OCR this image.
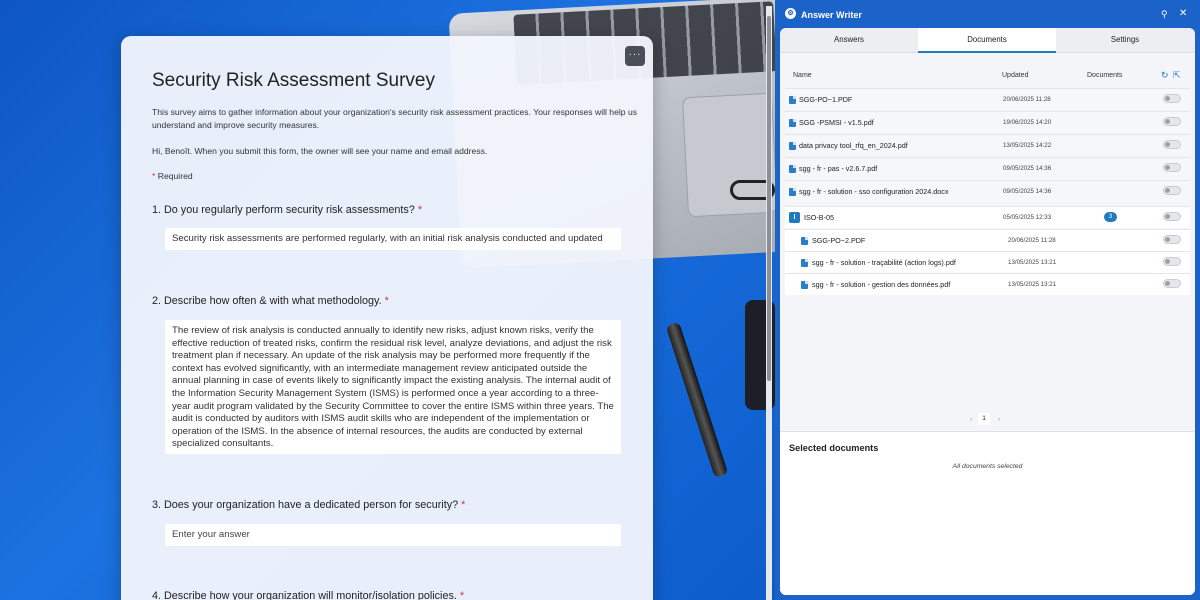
···
Security Risk Assessment Survey

This survey aims to gather information about your organization's security risk assessment practices. Your responses will help us understand and improve security measures.

Hi, Benoît. When you submit this form, the owner will see your name and email address.

* Required

1. Do you regularly perform security risk assessments? *
Security risk assessments are performed regularly, with an initial risk analysis conducted and updated
2. Describe how often & with what methodology. *
The review of risk analysis is conducted annually to identify new risks, adjust known risks, verify the effective reduction of treated risks, confirm the residual risk level, analyze deviations, and adjust the risk treatment plan if necessary. An update of the risk analysis may be performed more frequently if the context has evolved significantly, with an intermediate management review anticipated outside the annual planning in case of events likely to significantly impact the existing analysis. The internal audit of the Information Security Management System (ISMS) is performed once a year according to a three-year audit program validated by the Security Committee to cover the entire ISMS within three years. The audit is conducted by auditors with ISMS audit skills who are independent of the implementation or operation of the ISMS. In the absence of internal resources, the audits are conducted by external specialized consultants.
3. Does your organization have a dedicated person for security? *
Enter your answer
4. Describe how your organization will monitor/isolation policies. *
⚙ Answer Writer	⚲ ✕
Answers	Documents	Settings
Name	Updated	Documents	↻ ⇱
SGG-PO~1.PDF	20/06/2025 11:28
SGG -PSMSI - v1.5.pdf	19/06/2025 14:20
data privacy tool_rfq_en_2024.pdf	13/05/2025 14:22
sgg - fr - pas - v2.6.7.pdf	09/05/2025 14:36
sgg - fr - solution - sso configuration 2024.docx	09/05/2025 14:36
I	ISO-B-05	05/05/2025 12:33	3
SGG-PO~2.PDF	20/06/2025 11:28
sgg - fr - solution - traçabilité (action logs).pdf	13/05/2025 13:21
sgg - fr - solution - gestion des données.pdf	13/05/2025 13:21
‹	1	›
Selected documents
All documents selected
